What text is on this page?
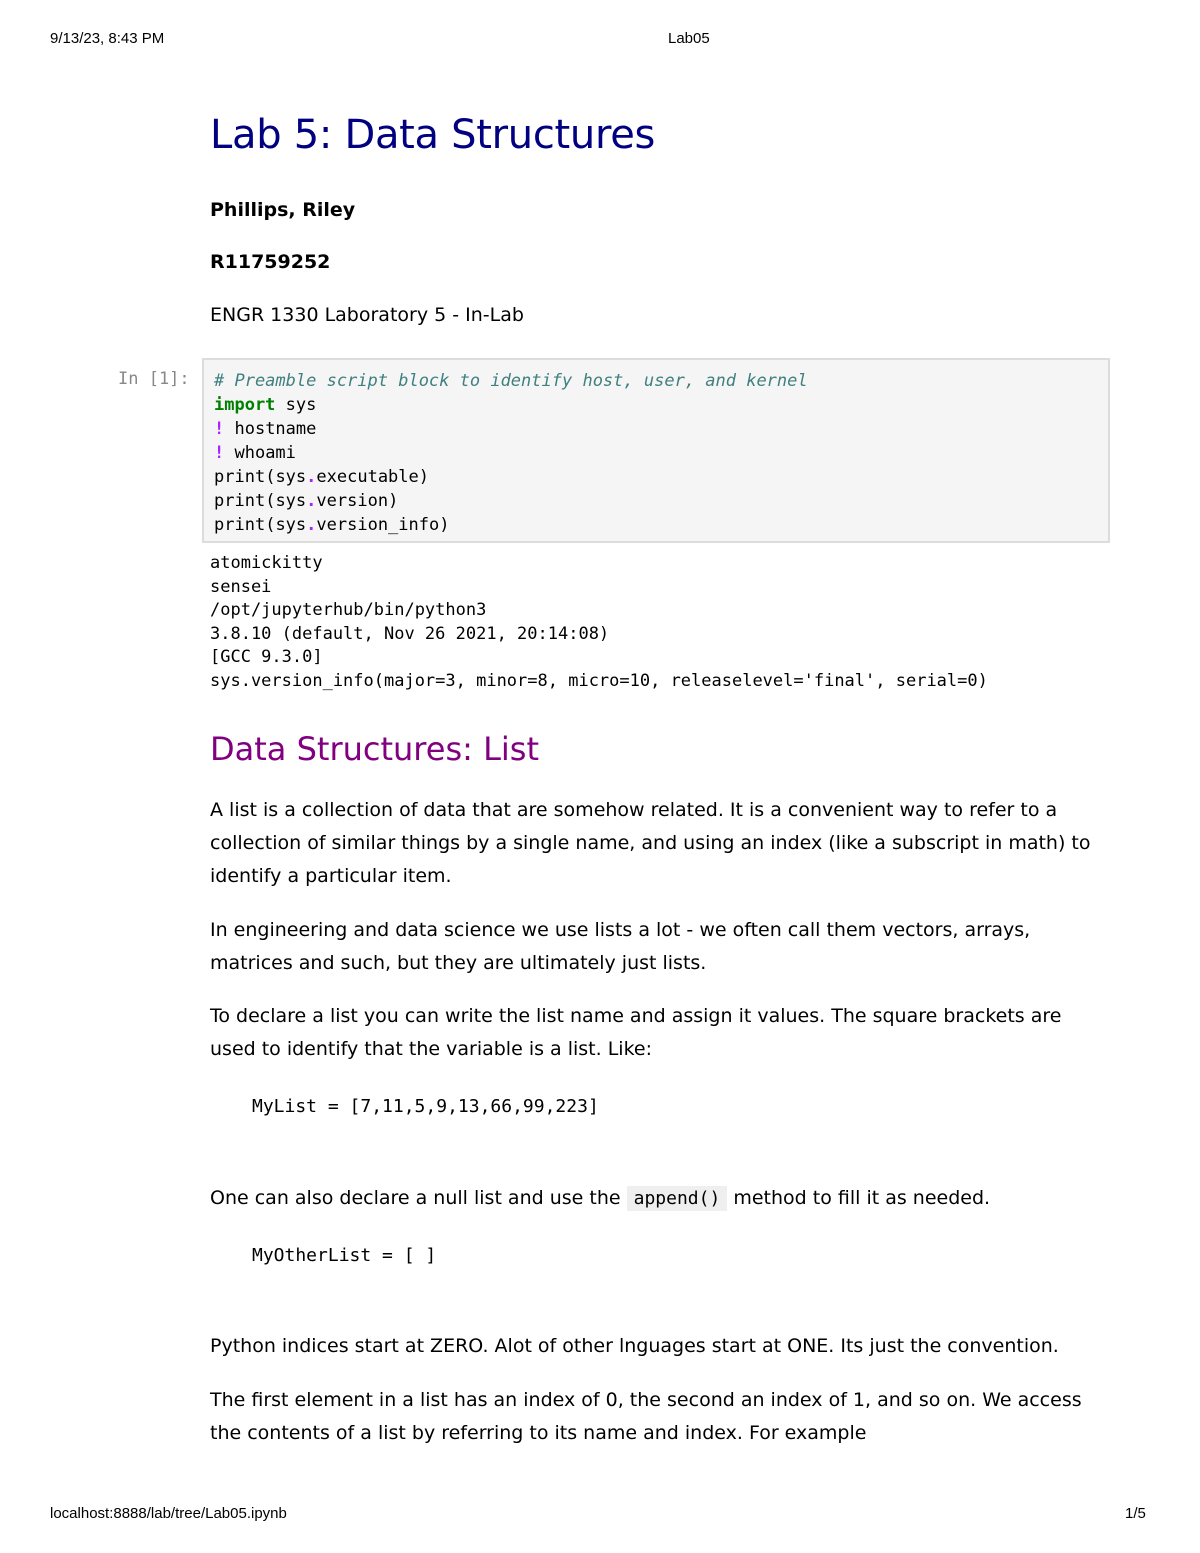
9/13/23, 8:43 PM	Lab05
Lab 5: Data Structures
Phillips, Riley
R11759252
ENGR 1330 Laboratory 5 - In-Lab
In [1]: # Preamble script block to identify host, user, and kernel
import sys
! hostname
! whoami
print(sys.executable)
print(sys.version)
print(sys.version_info)
atomickitty
sensei
/opt/jupyterhub/bin/python3
3.8.10 (default, Nov 26 2021, 20:14:08)
[GCC 9.3.0]
sys.version_info(major=3, minor=8, micro=10, releaselevel='final', serial=0)
Data Structures: List

A list is a collection of data that are somehow related. It is a convenient way to refer to a collection of similar things by a single name, and using an index (like a subscript in math) to identify a particular item.

In engineering and data science we use lists a lot - we often call them vectors, arrays, matrices and such, but they are ultimately just lists.

To declare a list you can write the list name and assign it values. The square brackets are used to identify that the variable is a list. Like:

MyList = [7,11,5,9,13,66,99,223]

One can also declare a null list and use the append() method to fill it as needed.

MyOtherList = [ ]

Python indices start at ZERO. Alot of other lnguages start at ONE. Its just the convention.

The first element in a list has an index of 0, the second an index of 1, and so on. We access the contents of a list by referring to its name and index. For example

localhost:8888/lab/tree/Lab05.ipynb	1/5
